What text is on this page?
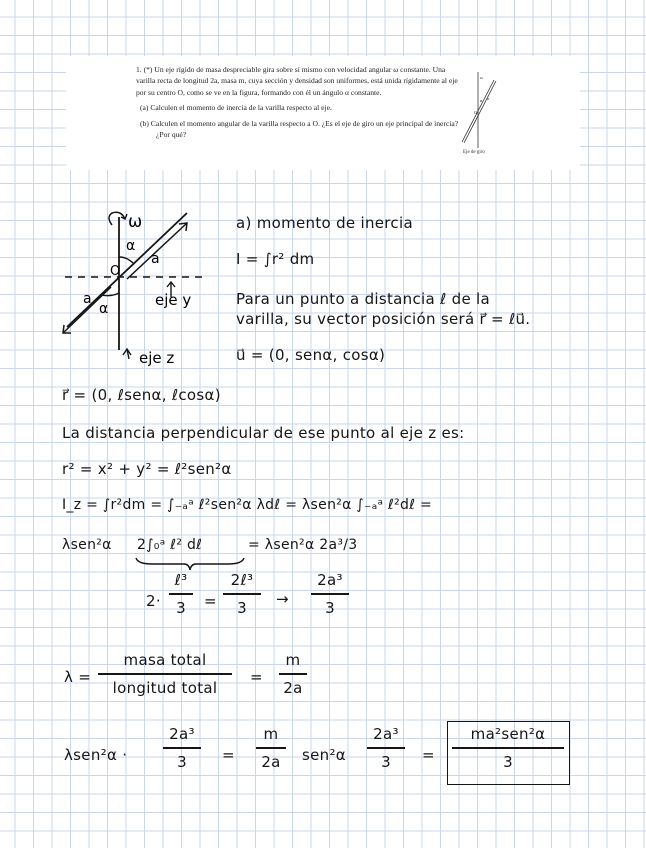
1. (*) Un eje rígido de masa despreciable gira sobre sí mismo con velocidad angular ω constante. Una varilla recta de longitud 2a, masa m, cuya sección y densidad son uniformes, está unida rígidamente al eje por su centro O, como se ve en la figura, formando con él un ángulo α constante.

(a) Calculen el momento de inercia de la varilla respecto al eje.

(b) Calculen el momento angular de la varilla respecto a O. ¿Es el eje de giro un eje principal de inercia? ¿Por qué?

ω
O
a
α
Eje de giro
ω
α
α
a
a
O
eje y
eje z
a) momento de inercia
I = ∫r² dm
Para un punto a distancia ℓ de la
varilla, su vector posición será r⃗ = ℓu⃗.
u⃗ = (0, senα, cosα)
r⃗ = (0, ℓsenα, ℓcosα)
La distancia perpendicular de ese punto al eje z es:
r² = x² + y² = ℓ²sen²α
I_z = ∫r²dm = ∫₋ₐᵃ ℓ²sen²α λdℓ = λsen²α ∫₋ₐᵃ ℓ²dℓ =
λsen²α 2∫₀ᵃ ℓ² dℓ	= λsen²α 2a³/3
2·
ℓ³
3 =
2ℓ³
3 →
2a³
3
λ =
masa total
longitud total
=
m
2a
λsen²α ·
2a³
3 =
m
2a sen²α
2a³
3 =
ma²sen²α
3
